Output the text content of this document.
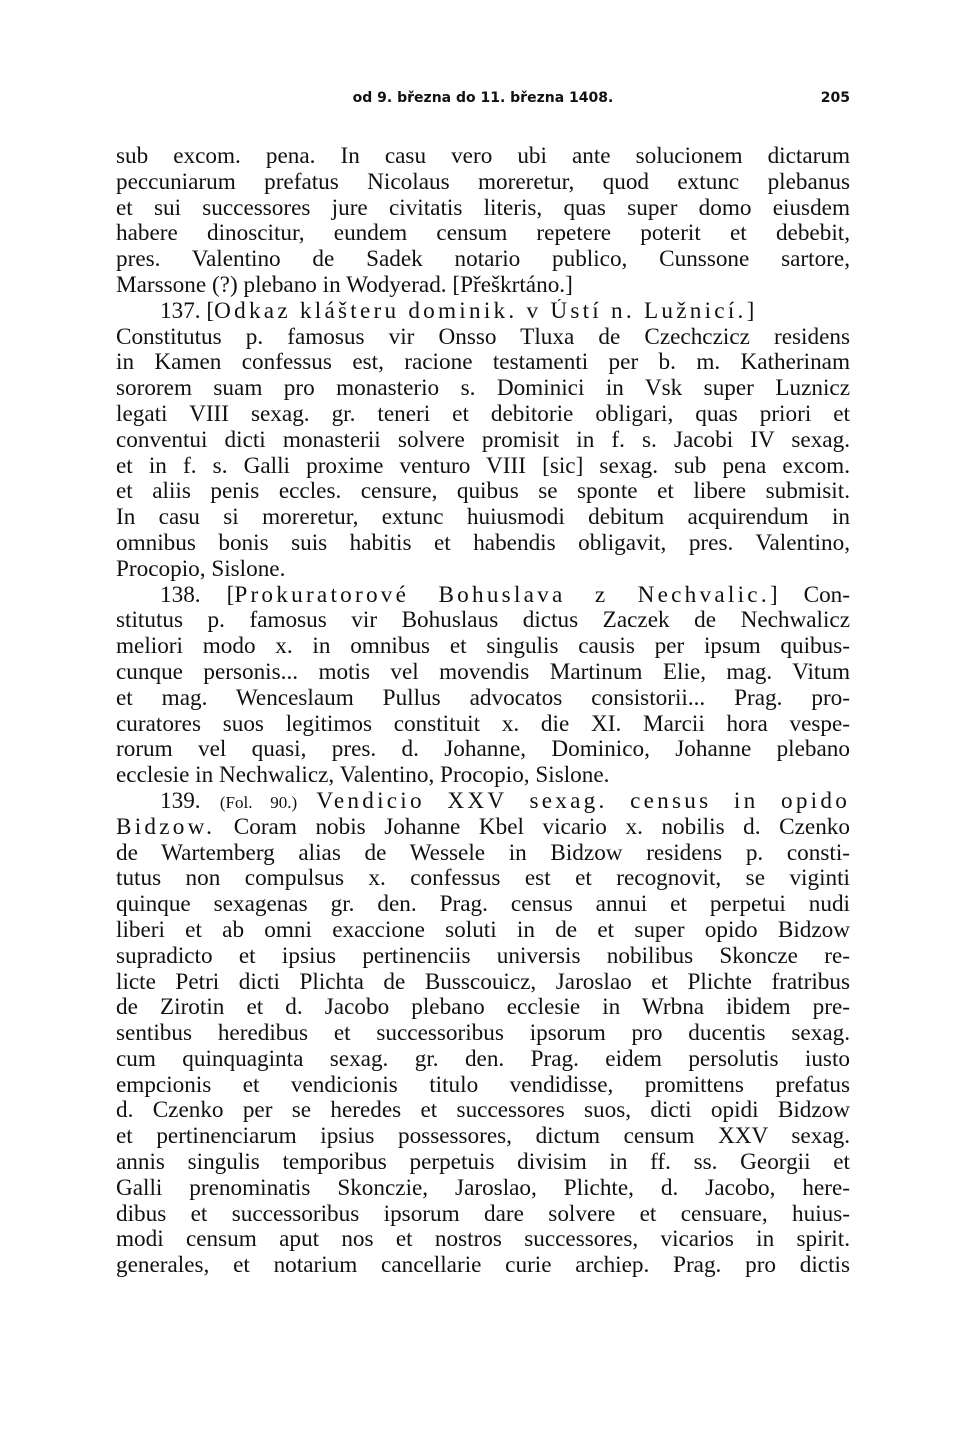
od 9. března do 11. března 1408.	205
sub excom. pena. In casu vero ubi ante solucionem dictarum
peccuniarum prefatus Nicolaus moreretur, quod extunc plebanus
et sui successores jure civitatis literis, quas super domo eiusdem
habere dinoscitur, eundem censum repetere poterit et debebit,
pres. Valentino de Sadek notario publico, Cunssone sartore,
Marssone (?) plebano in Wodyerad. [Přeškrtáno.]
137. [Odkaz klášteru dominik. v Ústí n. Lužnicí.]
Constitutus p. famosus vir Onsso Tluxa de Czechczicz residens
in Kamen confessus est, racione testamenti per b. m. Katherinam
sororem suam pro monasterio s. Dominici in Vsk super Luznicz
legati VIII sexag. gr. teneri et debitorie obligari, quas priori et
conventui dicti monasterii solvere promisit in f. s. Jacobi IV sexag.
et in f. s. Galli proxime venturo VIII [sic] sexag. sub pena excom.
et aliis penis eccles. censure, quibus se sponte et libere submisit.
In casu si moreretur, extunc huiusmodi debitum acquirendum in
omnibus bonis suis habitis et habendis obligavit, pres. Valentino,
Procopio, Sislone.
138. [Prokuratorové Bohuslava z Nechvalic.] Con-
stitutus p. famosus vir Bohuslaus dictus Zaczek de Nechwalicz
meliori modo x. in omnibus et singulis causis per ipsum quibus-
cunque personis... motis vel movendis Martinum Elie, mag. Vitum
et mag. Wenceslaum Pullus advocatos consistorii... Prag. pro-
curatores suos legitimos constituit x. die XI. Marcii hora vespe-
rorum vel quasi, pres. d. Johanne, Dominico, Johanne plebano
ecclesie in Nechwalicz, Valentino, Procopio, Sislone.
139. (Fol. 90.) Vendicio XXV sexag. census in opido
Bidzow. Coram nobis Johanne Kbel vicario x. nobilis d. Czenko
de Wartemberg alias de Wessele in Bidzow residens p. consti-
tutus non compulsus x. confessus est et recognovit, se viginti
quinque sexagenas gr. den. Prag. census annui et perpetui nudi
liberi et ab omni exaccione soluti in de et super opido Bidzow
supradicto et ipsius pertinenciis universis nobilibus Skoncze re-
licte Petri dicti Plichta de Busscouicz, Jaroslao et Plichte fratribus
de Zirotin et d. Jacobo plebano ecclesie in Wrbna ibidem pre-
sentibus heredibus et successoribus ipsorum pro ducentis sexag.
cum quinquaginta sexag. gr. den. Prag. eidem persolutis iusto
empcionis et vendicionis titulo vendidisse, promittens prefatus
d. Czenko per se heredes et successores suos, dicti opidi Bidzow
et pertinenciarum ipsius possessores, dictum censum XXV sexag.
annis singulis temporibus perpetuis divisim in ff. ss. Georgii et
Galli prenominatis Skonczie, Jaroslao, Plichte, d. Jacobo, here-
dibus et successoribus ipsorum dare solvere et censuare, huius-
modi censum aput nos et nostros successores, vicarios in spirit.
generales, et notarium cancellarie curie archiep. Prag. pro dictis
